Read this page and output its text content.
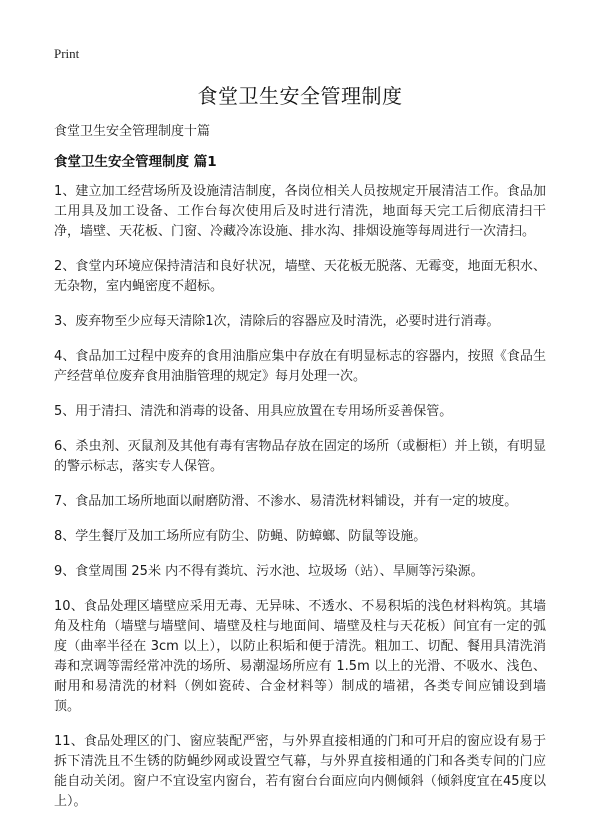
Print
食堂卫生安全管理制度
食堂卫生安全管理制度十篇
食堂卫生安全管理制度 篇1

1、建立加工经营场所及设施清洁制度，各岗位相关人员按规定开展清洁工作。食品加工用具及加工设备、工作台每次使用后及时进行清洗，地面每天完工后彻底清扫干净，墙壁、天花板、门窗、冷藏冷冻设施、排水沟、排烟设施等每周进行一次清扫。

2、食堂内环境应保持清洁和良好状况，墙壁、天花板无脱落、无霉变，地面无积水、无杂物，室内蝇密度不超标。

3、废弃物至少应每天清除1次，清除后的容器应及时清洗，必要时进行消毒。

4、食品加工过程中废弃的食用油脂应集中存放在有明显标志的容器内，按照《食品生产经营单位废弃食用油脂管理的规定》每月处理一次。

5、用于清扫、清洗和消毒的设备、用具应放置在专用场所妥善保管。

6、杀虫剂、灭鼠剂及其他有毒有害物品存放在固定的场所（或橱柜）并上锁，有明显的警示标志，落实专人保管。

7、食品加工场所地面以耐磨防滑、不渗水、易清洗材料铺设，并有一定的坡度。

8、学生餐厅及加工场所应有防尘、防蝇、防蟑螂、防鼠等设施。

9、食堂周围 25米 内不得有粪坑、污水池、垃圾场（站）、旱厕等污染源。

10、食品处理区墙壁应采用无毒、无异味、不透水、不易积垢的浅色材料构筑。其墙角及柱角（墙壁与墙壁间、墙壁及柱与地面间、墙壁及柱与天花板）间宜有一定的弧度（曲率半径在 3cm 以上），以防止积垢和便于清洗。粗加工、切配、餐用具清洗消毒和烹调等需经常冲洗的场所、易潮湿场所应有 1.5m 以上的光滑、不吸水、浅色、耐用和易清洗的材料（例如瓷砖、合金材料等）制成的墙裙，各类专间应铺设到墙顶。

11、食品处理区的门、窗应装配严密，与外界直接相通的门和可开启的窗应设有易于拆下清洗且不生锈的防蝇纱网或设置空气幕，与外界直接相通的门和各类专间的门应能自动关闭。窗户不宜设室内窗台，若有窗台台面应向内侧倾斜（倾斜度宜在45度以上）。
